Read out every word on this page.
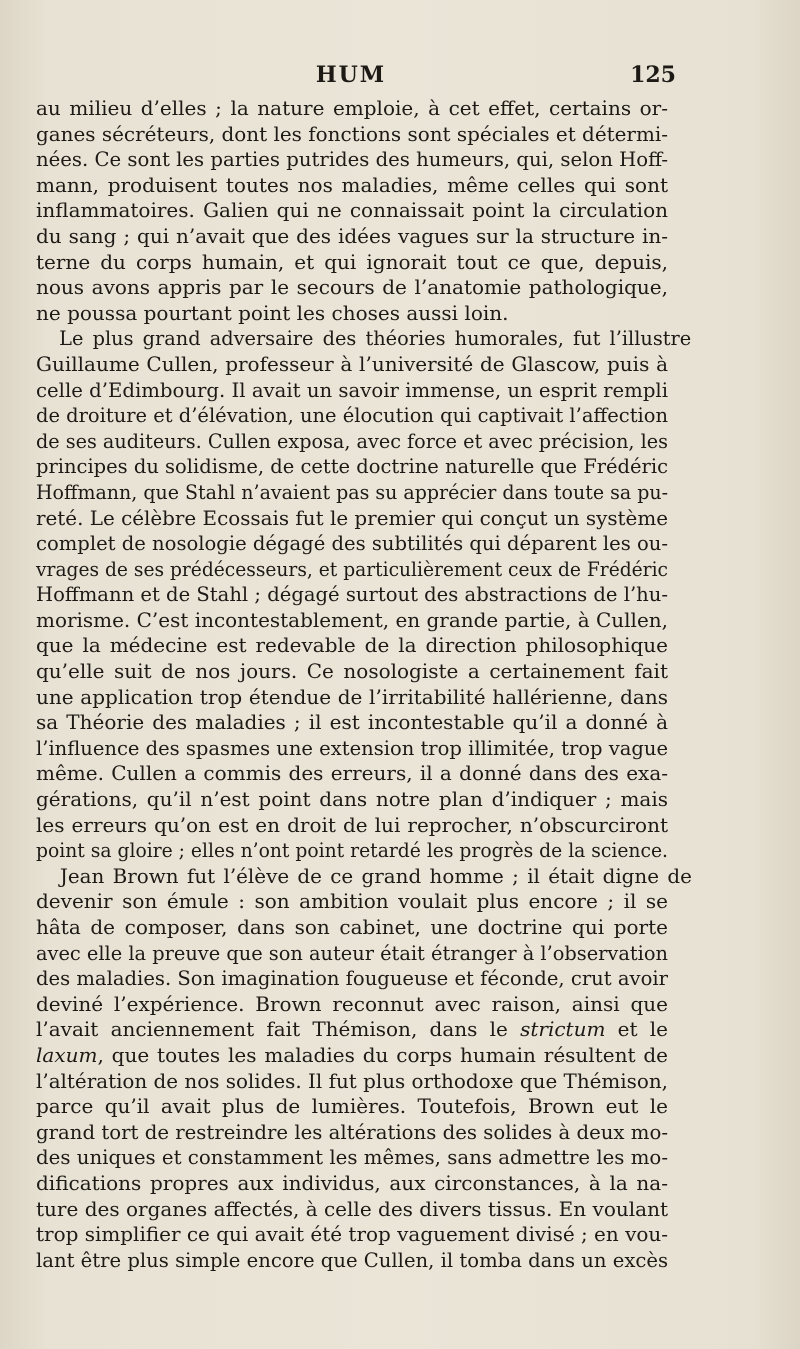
HUM	125
au milieu d’elles ; la nature emploie, à cet effet, certains or-
ganes sécréteurs, dont les fonctions sont spéciales et détermi-
nées. Ce sont les parties putrides des humeurs, qui, selon Hoff-
mann, produisent toutes nos maladies, même celles qui sont
inflammatoires. Galien qui ne connaissait point la circulation
du sang ; qui n’avait que des idées vagues sur la structure in-
terne du corps humain, et qui ignorait tout ce que, depuis,
nous avons appris par le secours de l’anatomie pathologique,
ne poussa pourtant point les choses aussi loin.
Le plus grand adversaire des théories humorales, fut l’illustre
Guillaume Cullen, professeur à l’université de Glascow, puis à
celle d’Edimbourg. Il avait un savoir immense, un esprit rempli
de droiture et d’élévation, une élocution qui captivait l’affection
de ses auditeurs. Cullen exposa, avec force et avec précision, les
principes du solidisme, de cette doctrine naturelle que Frédéric
Hoffmann, que Stahl n’avaient pas su apprécier dans toute sa pu-
reté. Le célèbre Ecossais fut le premier qui conçut un système
complet de nosologie dégagé des subtilités qui déparent les ou-
vrages de ses prédécesseurs, et particulièrement ceux de Frédéric
Hoffmann et de Stahl ; dégagé surtout des abstractions de l’hu-
morisme. C’est incontestablement, en grande partie, à Cullen,
que la médecine est redevable de la direction philosophique
qu’elle suit de nos jours. Ce nosologiste a certainement fait
une application trop étendue de l’irritabilité hallérienne, dans
sa Théorie des maladies ; il est incontestable qu’il a donné à
l’influence des spasmes une extension trop illimitée, trop vague
même. Cullen a commis des erreurs, il a donné dans des exa-
gérations, qu’il n’est point dans notre plan d’indiquer ; mais
les erreurs qu’on est en droit de lui reprocher, n’obscurciront
point sa gloire ; elles n’ont point retardé les progrès de la science.
Jean Brown fut l’élève de ce grand homme ; il était digne de
devenir son émule : son ambition voulait plus encore ; il se
hâta de composer, dans son cabinet, une doctrine qui porte
avec elle la preuve que son auteur était étranger à l’observation
des maladies. Son imagination fougueuse et féconde, crut avoir
deviné l’expérience. Brown reconnut avec raison, ainsi que
l’avait anciennement fait Thémison, dans le strictum et le
laxum, que toutes les maladies du corps humain résultent de
l’altération de nos solides. Il fut plus orthodoxe que Thémison,
parce qu’il avait plus de lumières. Toutefois, Brown eut le
grand tort de restreindre les altérations des solides à deux mo-
des uniques et constamment les mêmes, sans admettre les mo-
difications propres aux individus, aux circonstances, à la na-
ture des organes affectés, à celle des divers tissus. En voulant
trop simplifier ce qui avait été trop vaguement divisé ; en vou-
lant être plus simple encore que Cullen, il tomba dans un excès
